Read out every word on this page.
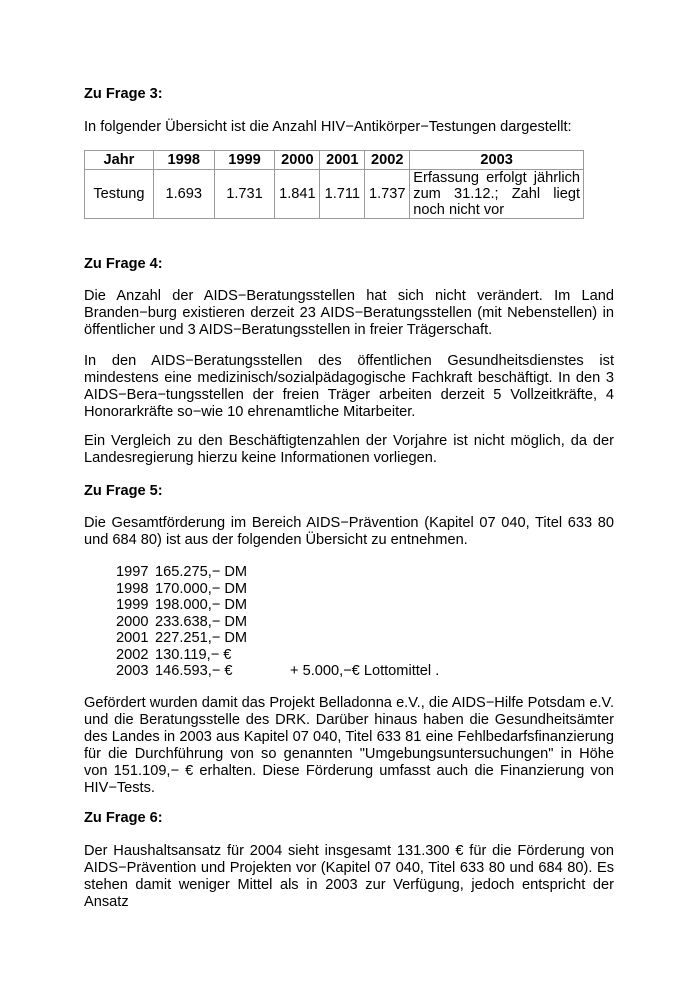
Zu Frage 3:
In folgender Übersicht ist die Anzahl HIV−Antikörper−Testungen dargestellt:
Jahr	1998	1999	2000	2001	2002	2003
Testung	1.693	1.731	1.841	1.711	1.737	Erfassung erfolgt jährlich
zum 31.12.; Zahl liegt
noch nicht vor
Zu Frage 4:

Die Anzahl der AIDS−Beratungsstellen hat sich nicht verändert. Im Land Branden−burg existieren derzeit 23 AIDS−Beratungsstellen (mit Nebenstellen) in öffentlicher und 3 AIDS−Beratungsstellen in freier Trägerschaft.

In den AIDS−Beratungsstellen des öffentlichen Gesundheitsdienstes ist mindestens eine medizinisch/sozialpädagogische Fachkraft beschäftigt. In den 3 AIDS−Bera−tungsstellen der freien Träger arbeiten derzeit 5 Vollzeitkräfte, 4 Honorarkräfte so−wie 10 ehrenamtliche Mitarbeiter.

Ein Vergleich zu den Beschäftigtenzahlen der Vorjahre ist nicht möglich, da der Landesregierung hierzu keine Informationen vorliegen.

Zu Frage 5:

Die Gesamtförderung im Bereich AIDS−Prävention (Kapitel 07 040, Titel 633 80 und 684 80) ist aus der folgenden Übersicht zu entnehmen.

1997 165.275,− DM
1998 170.000,− DM
1999 198.000,− DM
2000 233.638,− DM
2001 227.251,− DM
2002 130.119,− €
2003 146.593,− €	+ 5.000,−€ Lottomittel .

Gefördert wurden damit das Projekt Belladonna e.V., die AIDS−Hilfe Potsdam e.V. und die Beratungsstelle des DRK. Darüber hinaus haben die Gesundheitsämter des Landes in 2003 aus Kapitel 07 040, Titel 633 81 eine Fehlbedarfsfinanzierung für die Durchführung von so genannten "Umgebungsuntersuchungen" in Höhe von 151.109,− € erhalten. Diese Förderung umfasst auch die Finanzierung von HIV−Tests.

Zu Frage 6:

Der Haushaltsansatz für 2004 sieht insgesamt 131.300 € für die Förderung von AIDS−Prävention und Projekten vor (Kapitel 07 040, Titel 633 80 und 684 80). Es stehen damit weniger Mittel als in 2003 zur Verfügung, jedoch entspricht der Ansatz
